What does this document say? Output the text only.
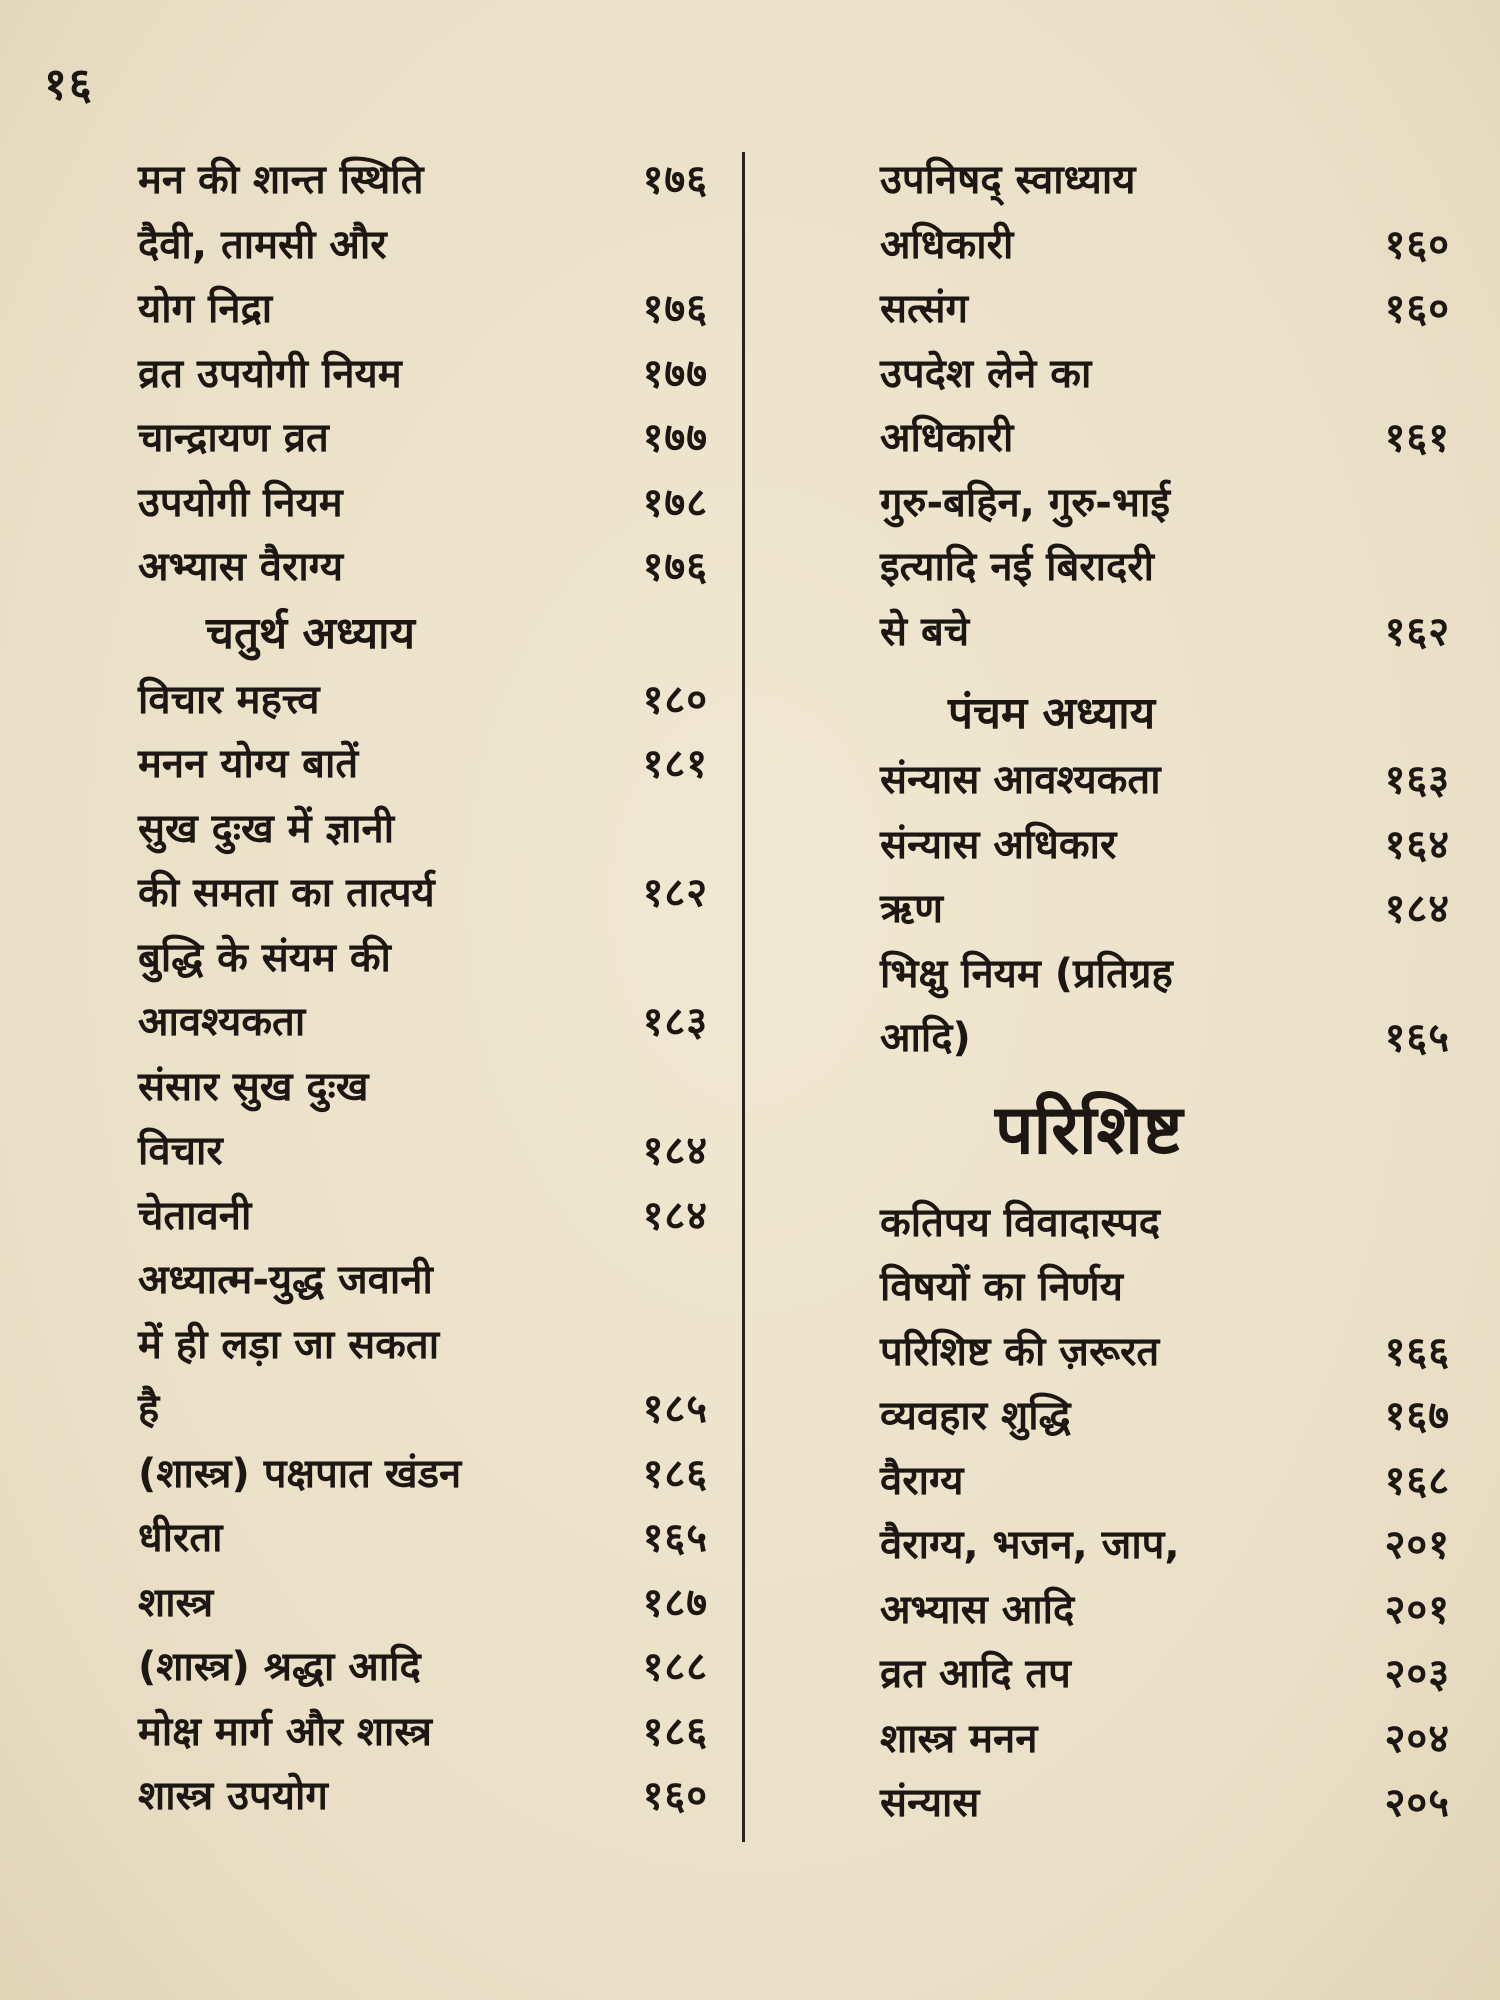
१६
मन की शान्त स्थिति	१७६
दैवी, तामसी और
योग निद्रा	१७६
व्रत उपयोगी नियम	१७७
चान्द्रायण व्रत	१७७
उपयोगी नियम	१७८
अभ्यास वैराग्य	१७६
चतुर्थ अध्याय
विचार महत्त्व	१८०
मनन योग्य बातें	१८१
सुख दुःख में ज्ञानी
की समता का तात्पर्य	१८२
बुद्धि के संयम की
आवश्यकता	१८३
संसार सुख दुःख
विचार	१८४
चेतावनी	१८४
अध्यात्म-युद्ध जवानी
में ही लड़ा जा सकता
है	१८५
(शास्त्र) पक्षपात खंडन	१८६
धीरता	१६५
शास्त्र	१८७
(शास्त्र) श्रद्धा आदि	१८८
मोक्ष मार्ग और शास्त्र	१८६
शास्त्र उपयोग	१६०
उपनिषद् स्वाध्याय
अधिकारी	१६०
सत्संग	१६०
उपदेश लेने का
अधिकारी	१६१
गुरु-बहिन, गुरु-भाई
इत्यादि नई बिरादरी
से बचे	१६२
पंचम अध्याय
संन्यास आवश्यकता	१६३
संन्यास अधिकार	१६४
ऋण	१८४
भिक्षु नियम (प्रतिग्रह
आदि)	१६५
परिशिष्ट
कतिपय विवादास्पद
विषयों का निर्णय
परिशिष्ट की ज़रूरत	१६६
व्यवहार शुद्धि	१६७
वैराग्य	१६८
वैराग्य, भजन, जाप,	२०१
अभ्यास आदि	२०१
व्रत आदि तप	२०३
शास्त्र मनन	२०४
संन्यास	२०५
